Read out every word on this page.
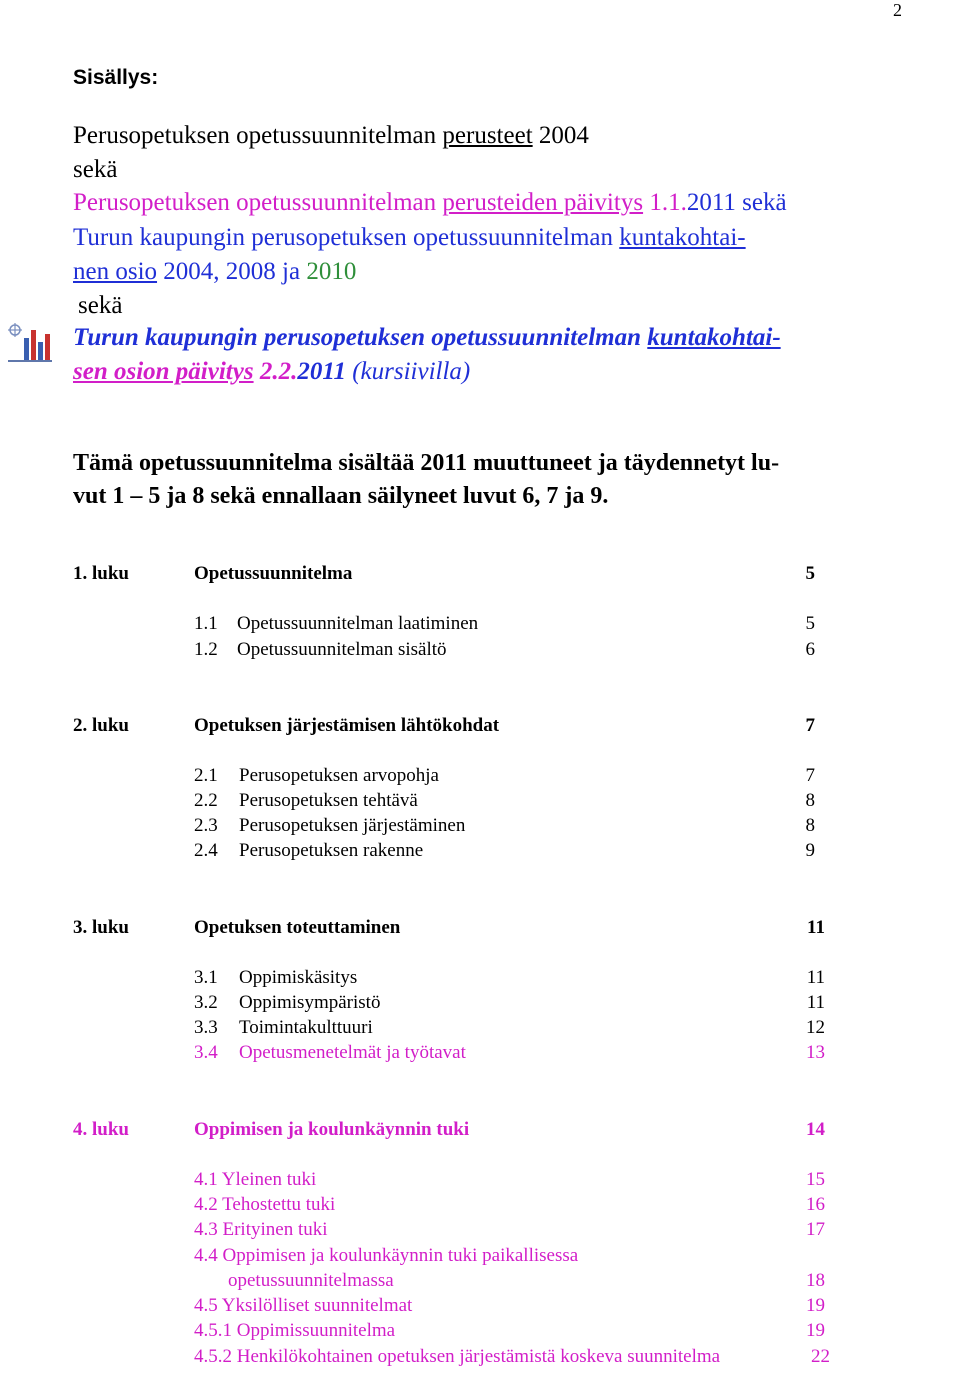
2
Sisällys:
Perusopetuksen opetussuunnitelman perusteet 2004
sekä
Perusopetuksen opetussuunnitelman perusteiden päivitys 1.1.2011 sekä
Turun kaupungin perusopetuksen opetussuunnitelman kuntakohtai-
nen osio 2004, 2008 ja 2010
sekä
Turun kaupungin perusopetuksen opetussuunnitelman kuntakohtai-
sen osion päivitys 2.2.2011 (kursiivilla)
Tämä opetussuunnitelma sisältää 2011 muuttuneet ja täydennetyt lu-
vut 1 – 5 ja 8 sekä ennallaan säilyneet luvut 6, 7 ja 9.
1. luku	Opetussuunnitelma	5
1.1 Opetussuunnitelman laatiminen	5
1.2 Opetussuunnitelman sisältö	6
2. luku	Opetuksen järjestämisen lähtökohdat	7
2.1 Perusopetuksen arvopohja	7
2.2 Perusopetuksen tehtävä	8
2.3 Perusopetuksen järjestäminen	8
2.4 Perusopetuksen rakenne	9
3. luku	Opetuksen toteuttaminen	11
3.1 Oppimiskäsitys	11
3.2 Oppimisympäristö	11
3.3 Toimintakulttuuri	12
3.4 Opetusmenetelmät ja työtavat	13
4. luku	Oppimisen ja koulunkäynnin tuki	14
4.1 Yleinen tuki	15
4.2 Tehostettu tuki	16
4.3 Erityinen tuki	17
4.4 Oppimisen ja koulunkäynnin tuki paikallisessa
opetussuunnitelmassa	18
4.5 Yksilölliset suunnitelmat	19
4.5.1 Oppimissuunnitelma	19
4.5.2 Henkilökohtainen opetuksen järjestämistä koskeva suunnitelma	22
